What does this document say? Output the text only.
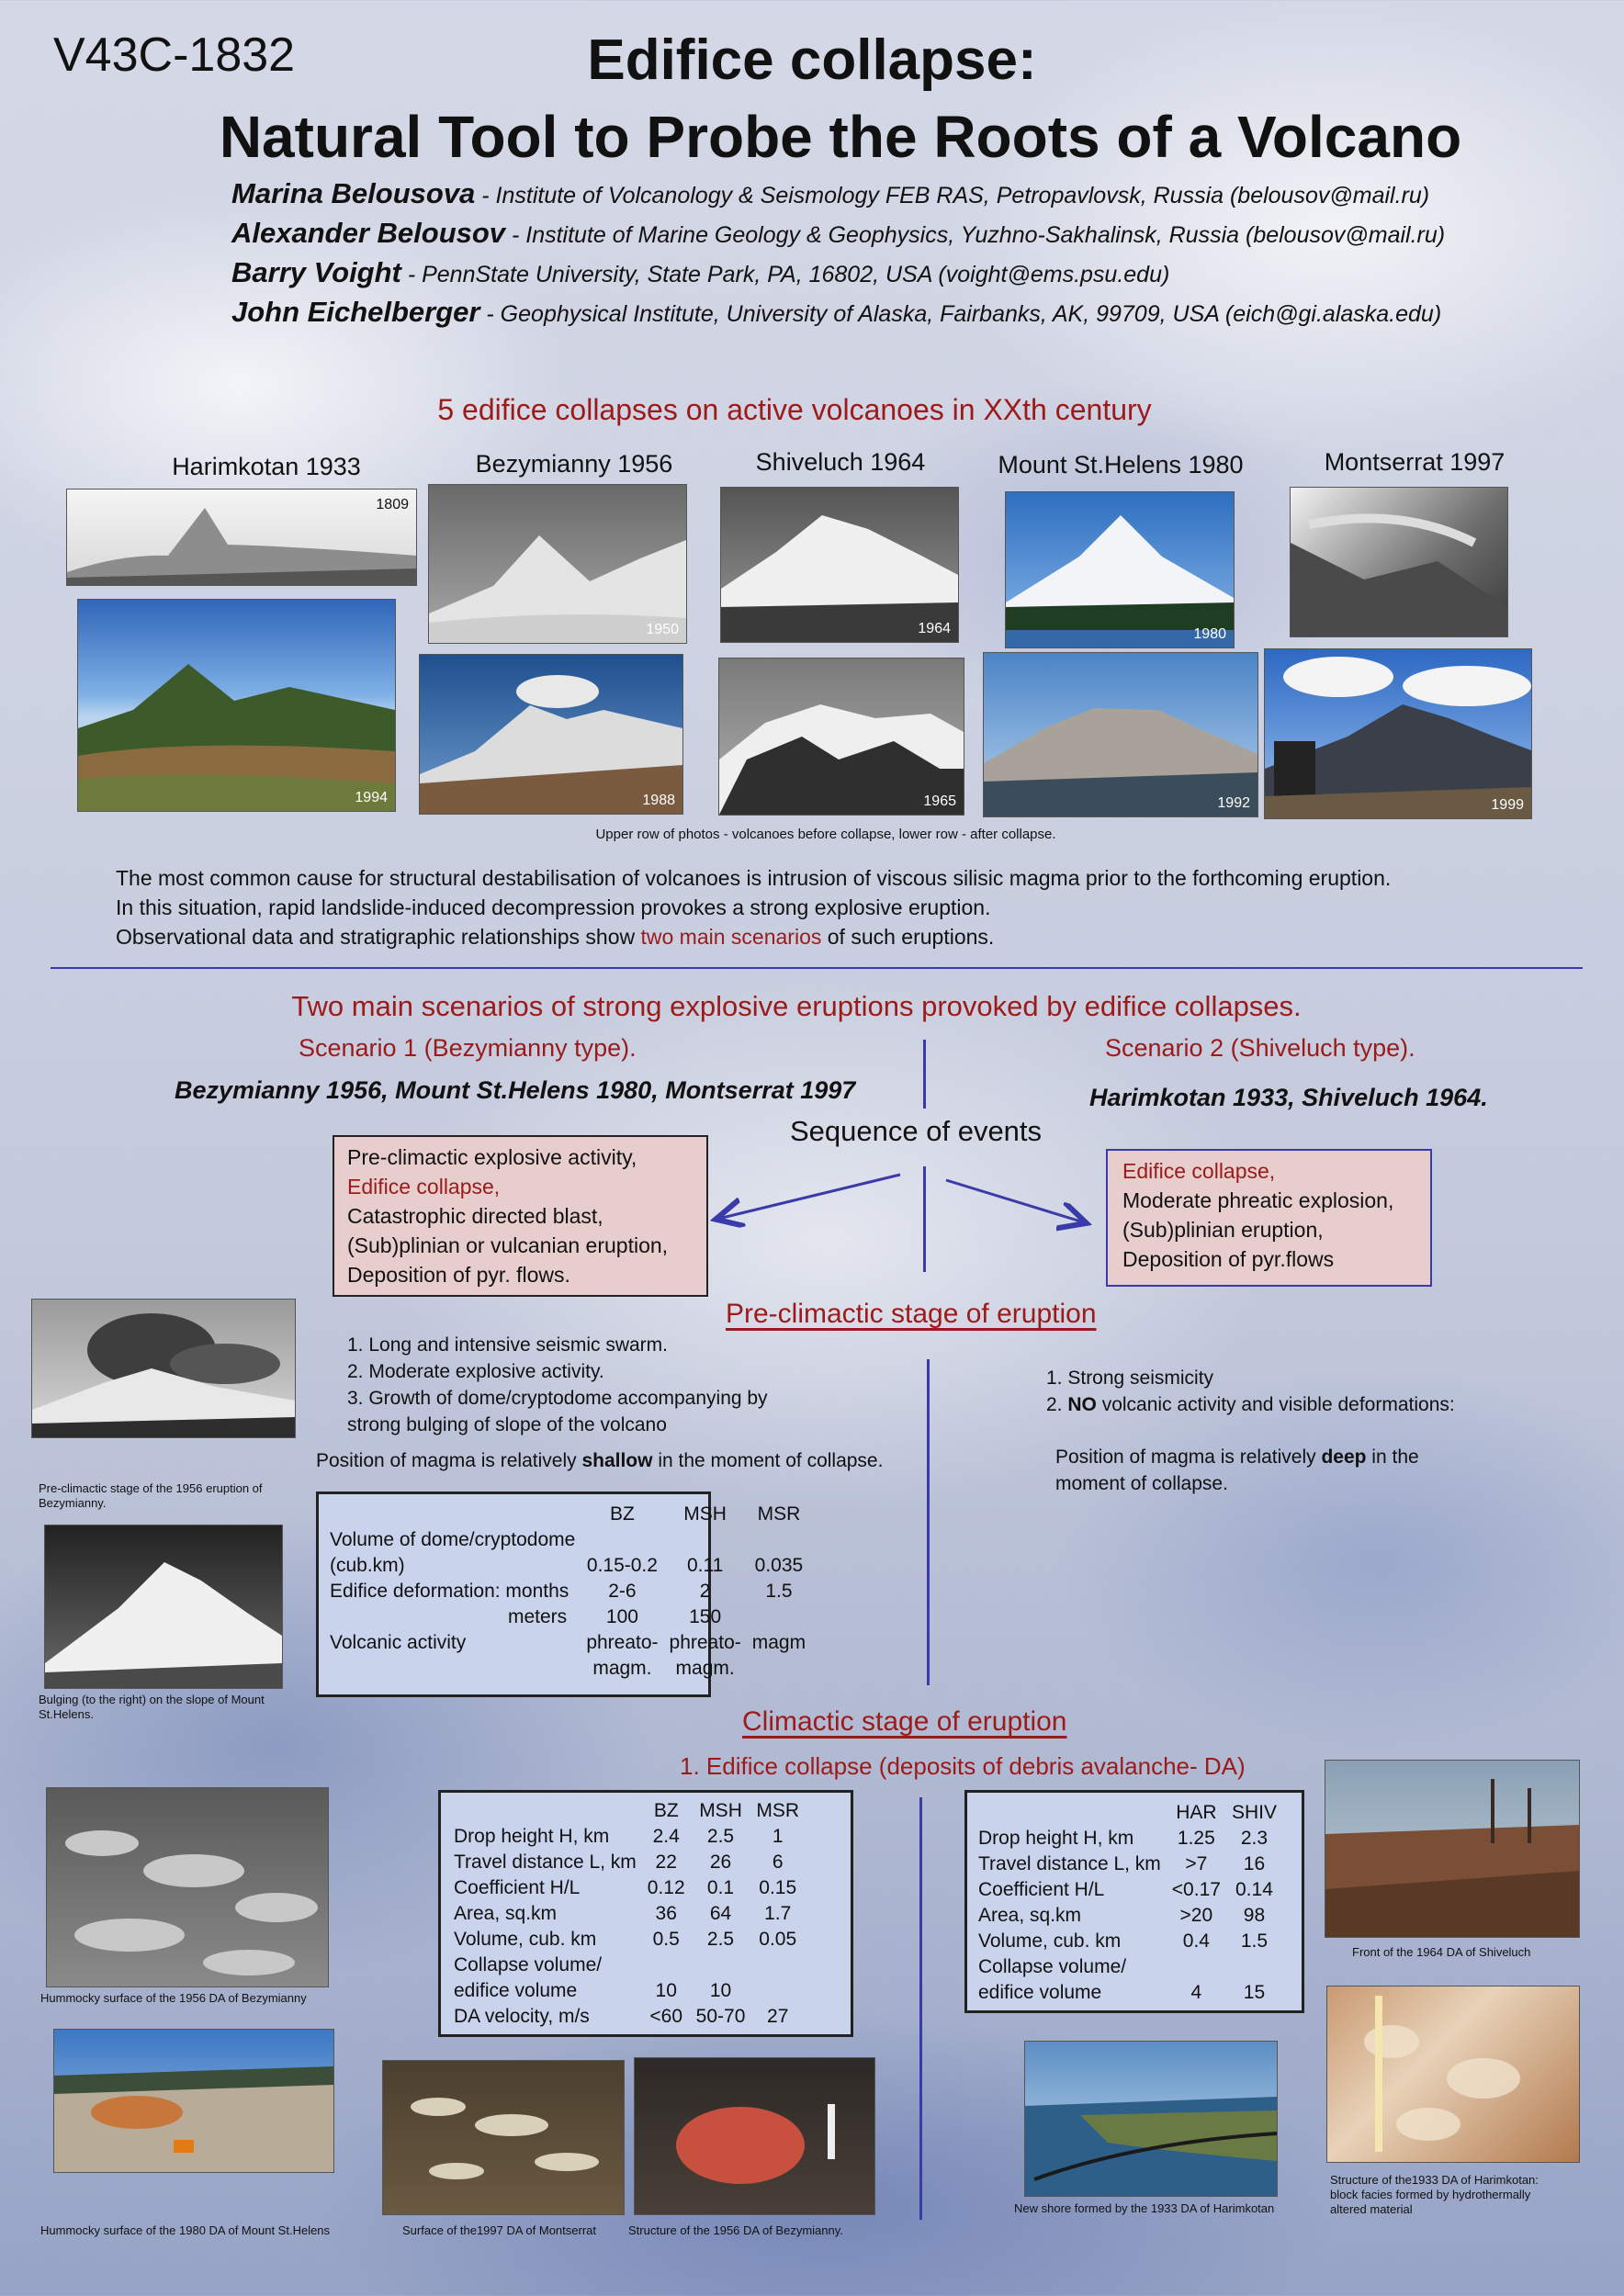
V43C-1832	Edifice collapse:
Natural Tool to Probe the Roots of a Volcano
Marina Belousova - Institute of Volcanology & Seismology FEB RAS, Petropavlovsk, Russia (belousov@mail.ru)
Alexander Belousov - Institute of Marine Geology & Geophysics, Yuzhno-Sakhalinsk, Russia (belousov@mail.ru)
Barry Voight - PennState University, State Park, PA, 16802, USA (voight@ems.psu.edu)
John Eichelberger - Geophysical Institute, University of Alaska, Fairbanks, AK, 99709, USA (eich@gi.alaska.edu)
5 edifice collapses on active volcanoes in XXth century
Harimkotan 1933	Bezymianny 1956	Shiveluch 1964	Mount St.Helens 1980	Montserrat 1997
1809
1994
1950
1988
1964
1965
1980
1992	1999
Upper row of photos - volcanoes before collapse, lower row - after collapse.
The most common cause for structural destabilisation of volcanoes is intrusion of viscous silisic magma prior to the forthcoming eruption.
In this situation, rapid landslide-induced decompression provokes a strong explosive eruption.
Observational data and stratigraphic relationships show two main scenarios of such eruptions.
Two main scenarios of strong explosive eruptions provoked by edifice collapses.
Scenario 1 (Bezymianny type).
Bezymianny 1956, Mount St.Helens 1980, Montserrat 1997
Scenario 2 (Shiveluch type).
Harimkotan 1933, Shiveluch 1964.
Sequence of events
Pre-climactic explosive activity,
Edifice collapse,
Catastrophic directed blast,
(Sub)plinian or vulcanian eruption,
Deposition of pyr. flows.
Edifice collapse,
Moderate phreatic explosion,
(Sub)plinian eruption,
Deposition of pyr.flows
Pre-climactic stage of eruption
Pre-climactic stage of the 1956 eruption of Bezymianny.
Bulging (to the right) on the slope of Mount St.Helens.
1. Long and intensive seismic swarm.
2. Moderate explosive activity.
3. Growth of dome/cryptodome accompanying by
strong bulging of slope of the volcano
Position of magma is relatively shallow in the moment of collapse.
1. Strong seismicity
2. NO volcanic activity and visible deformations:
Position of magma is relatively deep in the
moment of collapse.
	BZ	MSH	MSR
Volume of dome/cryptodome			
(cub.km)	0.15-0.2	0.11	0.035
Edifice deformation: months	2-6	2	1.5
meters	100	150	
Volcanic activity	phreato-	phreato-	magm
	magm.	magm.	
Climactic stage of eruption
1. Edifice collapse (deposits of debris avalanche- DA)
	BZ	MSH	MSR
Drop height H, km	2.4	2.5	1
Travel distance L, km	22	26	6
Coefficient H/L	0.12	0.1	0.15
Area, sq.km	36	64	1.7
Volume, cub. km	0.5	2.5	0.05
Collapse volume/			
edifice volume	10	10	
DA velocity, m/s	<60	50-70	27
	HAR	SHIV
Drop height H, km	1.25	2.3
Travel distance L, km	>7	16
Coefficient H/L	<0.17	0.14
Area, sq.km	>20	98
Volume, cub. km	0.4	1.5
Collapse volume/		
edifice volume	4	15
Hummocky surface of the 1956 DA of Bezymianny
Hummocky surface of the 1980 DA of Mount St.Helens	Surface of the1997 DA of Montserrat	Structure of the 1956 DA of Bezymianny.
New shore formed by the 1933 DA of Harimkotan
Front of the 1964 DA of Shiveluch
Structure of the1933 DA of Harimkotan: block facies formed by hydrothermally altered material
